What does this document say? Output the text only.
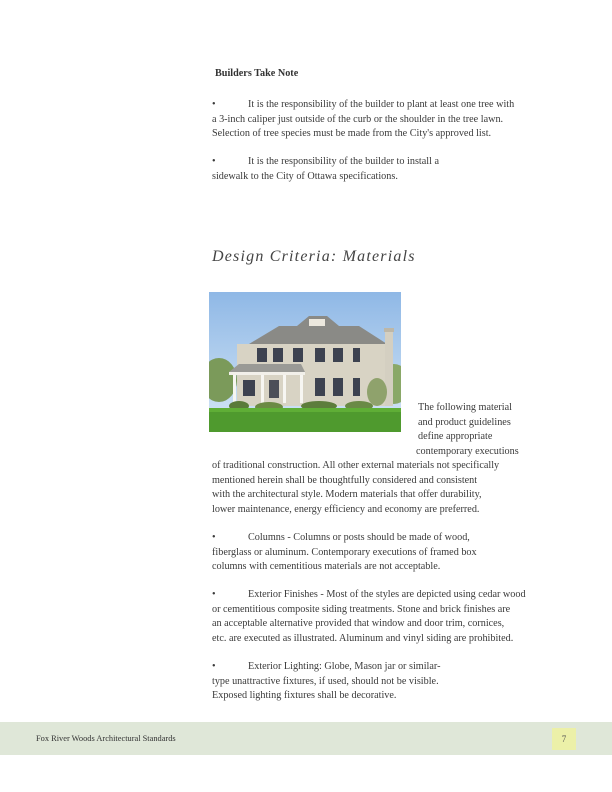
Builders Take Note
•	It is the responsibility of the builder to plant at least one tree with
a 3-inch caliper just outside of the curb or the shoulder in the tree lawn.
Selection of tree species must be made from the City's approved list.
•	It is the responsibility of the builder to install a
sidewalk to the City of Ottawa specifications.
Design Criteria: Materials
The following material
and product guidelines
define appropriate
contemporary executions
of traditional construction. All other external materials not specifically
mentioned herein shall be thoughtfully considered and consistent
with the architectural style. Modern materials that offer durability,
lower maintenance, energy efficiency and economy are preferred.
•	Columns - Columns or posts should be made of wood,
fiberglass or aluminum. Contemporary executions of framed box
columns with cementitious materials are not acceptable.
•	Exterior Finishes - Most of the styles are depicted using cedar wood
or cementitious composite siding treatments. Stone and brick finishes are
an acceptable alternative provided that window and door trim, cornices,
etc. are executed as illustrated. Aluminum and vinyl siding are prohibited.
•	Exterior Lighting: Globe, Mason jar or similar-
type unattractive fixtures, if used, should not be visible.
Exposed lighting fixtures shall be decorative.
Fox River Woods Architectural Standards	7
